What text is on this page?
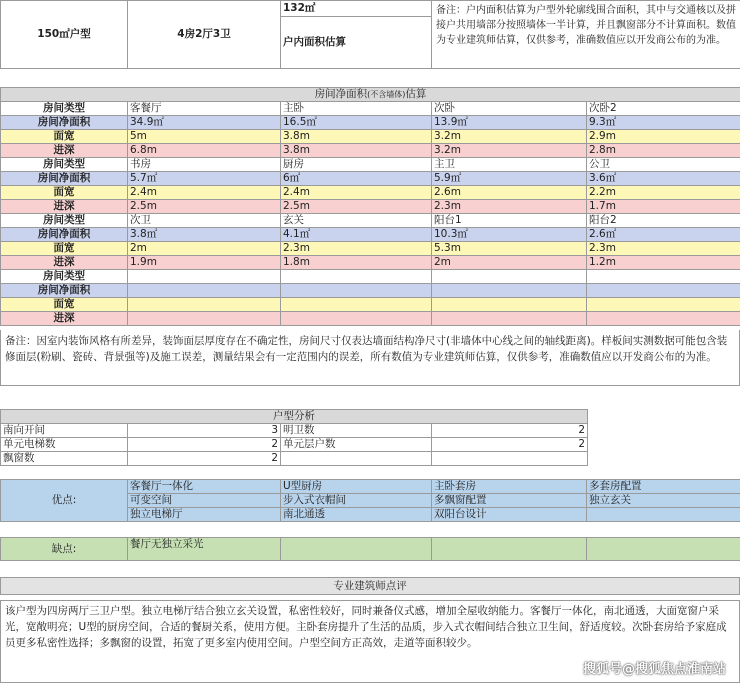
150㎡户型	4房2厅3卫	132㎡	备注：户内面积估算为户型外轮廓线围合面积，其中与交通核以及拼接户共用墙部分按照墙体一半计算，并且飘窗部分不计算面积。数值为专业建筑师估算，仅供参考，准确数值应以开发商公布的为准。
户内面积估算
房间净面积(不含墙体)估算				
房间类型	客餐厅	主卧	次卧	次卧2
房间净面积	34.9㎡	16.5㎡	13.9㎡	9.3㎡
面宽	5m	3.8m	3.2m	2.9m
进深	6.8m	3.8m	3.2m	2.8m
房间类型	书房	厨房	主卫	公卫
房间净面积	5.7㎡	6㎡	5.9㎡	3.6㎡
面宽	2.4m	2.4m	2.6m	2.2m
进深	2.5m	2.5m	2.3m	1.7m
房间类型	次卫	玄关	阳台1	阳台2
房间净面积	3.8㎡	4.1㎡	10.3㎡	2.6㎡
面宽	2m	2.3m	5.3m	2.3m
进深	1.9m	1.8m	2m	1.2m
房间类型				
房间净面积				
面宽				
进深				
备注：因室内装饰风格有所差异，装饰面层厚度存在不确定性，房间尺寸仅表达墙面结构净尺寸(非墙体中心线之间的轴线距离)。样板间实测数据可能包含装修面层(粉刷、瓷砖、背景强等)及施工误差，测量结果会有一定范围内的误差，所有数值为专业建筑师估算，仅供参考，准确数值应以开发商公布的为准。
户型分析			
南向开间	3	明卫数	2
单元电梯数	2	单元层户数	2
飘窗数	2		
优点:	客餐厅一体化	U型厨房	主卧套房	多套房配置
	可变空间	步入式衣帽间	多飘窗配置	独立玄关
	独立电梯厅	南北通透	双阳台设计	
缺点:	餐厅无独立采光			
专业建筑师点评
该户型为四房两厅三卫户型。独立电梯厅结合独立玄关设置，私密性较好，同时兼备仪式感，增加全屋收纳能力。客餐厅一体化，南北通透，大面宽窗户采光，宽敞明亮；U型的厨房空间，合适的餐厨关系，使用方便。主卧套房提升了生活的品质，步入式衣帽间结合独立卫生间，舒适度较。次卧套房给予家庭成员更多私密性选择；多飘窗的设置，拓宽了更多室内使用空间。户型空间方正高效，走道等面积较少。
搜狐号@搜狐焦点淮南站
